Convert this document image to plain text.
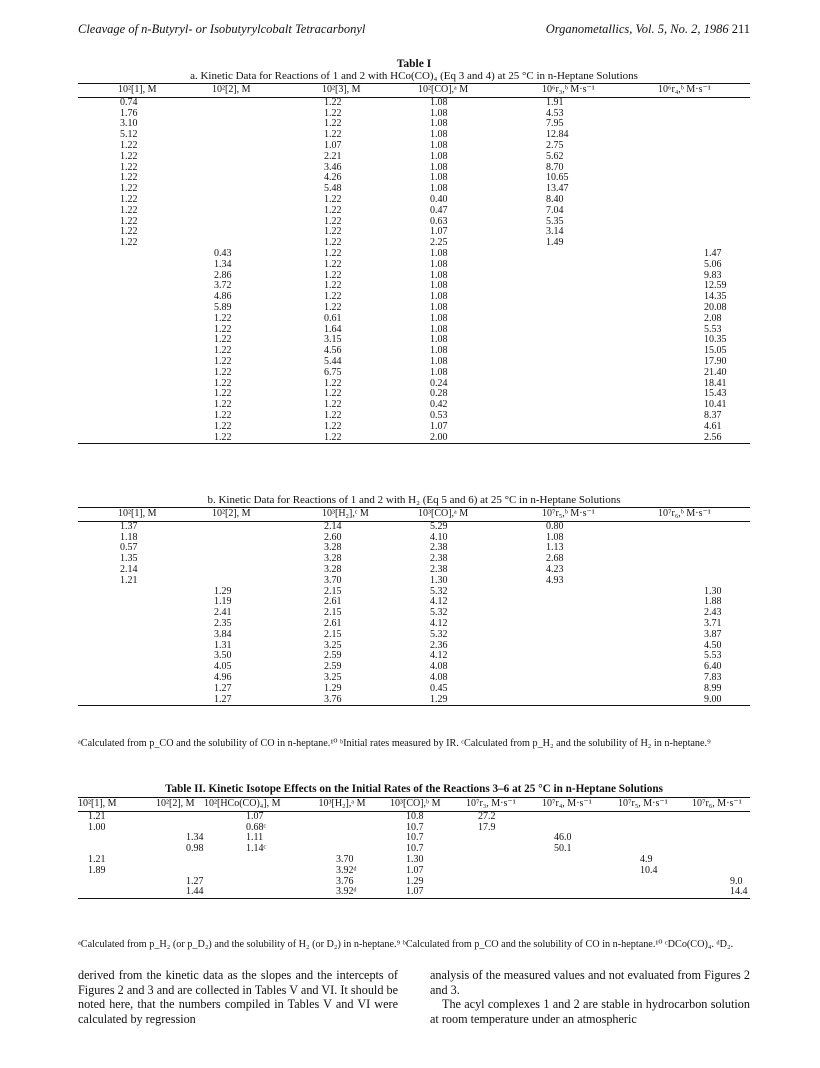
Cleavage of n-Butyryl- or Isobutyrylcobalt Tetracarbonyl	Organometallics, Vol. 5, No. 2, 1986 211
Table I
a. Kinetic Data for Reactions of 1 and 2 with HCo(CO)₄ (Eq 3 and 4) at 25 °C in n-Heptane Solutions
10²[1], M	10²[2], M	10²[3], M	10²[CO],ᵃ M	10⁶r₃,ᵇ M·s⁻¹	10⁶r₄,ᵇ M·s⁻¹
0.74		1.22	1.08	1.91	
1.76		1.22	1.08	4.53	
3.10		1.22	1.08	7.95	
5.12		1.22	1.08	12.84	
1.22		1.07	1.08	2.75	
1.22		2.21	1.08	5.62	
1.22		3.46	1.08	8.70	
1.22		4.26	1.08	10.65	
1.22		5.48	1.08	13.47	
1.22		1.22	0.40	8.40	
1.22		1.22	0.47	7.04	
1.22		1.22	0.63	5.35	
1.22		1.22	1.07	3.14	
1.22		1.22	2.25	1.49	
	0.43	1.22	1.08		1.47
	1.34	1.22	1.08		5.06
	2.86	1.22	1.08		9.83
	3.72	1.22	1.08		12.59
	4.86	1.22	1.08		14.35
	5.89	1.22	1.08		20.08
	1.22	0.61	1.08		2.08
	1.22	1.64	1.08		5.53
	1.22	3.15	1.08		10.35
	1.22	4.56	1.08		15.05
	1.22	5.44	1.08		17.90
	1.22	6.75	1.08		21.40
	1.22	1.22	0.24		18.41
	1.22	1.22	0.28		15.43
	1.22	1.22	0.42		10.41
	1.22	1.22	0.53		8.37
	1.22	1.22	1.07		4.61
	1.22	1.22	2.00		2.56
b. Kinetic Data for Reactions of 1 and 2 with H₂ (Eq 5 and 6) at 25 °C in n-Heptane Solutions
10²[1], M	10²[2], M	10³[H₂],ᶜ M	10³[CO],ᵃ M	10⁷r₅,ᵇ M·s⁻¹	10⁷r₆,ᵇ M·s⁻¹
1.37		2.14	5.29	0.80	
1.18		2.60	4.10	1.08	
0.57		3.28	2.38	1.13	
1.35		3.28	2.38	2.68	
2.14		3.28	2.38	4.23	
1.21		3.70	1.30	4.93	
	1.29	2.15	5.32		1.30
	1.19	2.61	4.12		1.88
	2.41	2.15	5.32		2.43
	2.35	2.61	4.12		3.71
	3.84	2.15	5.32		3.87
	1.31	3.25	2.36		4.50
	3.50	2.59	4.12		5.53
	4.05	2.59	4.08		6.40
	4.96	3.25	4.08		7.83
	1.27	1.29	0.45		8.99
	1.27	3.76	1.29		9.00
ᵃCalculated from p_CO and the solubility of CO in n-heptane.¹⁰ ᵇInitial rates measured by IR. ᶜCalculated from p_H₂ and the solubility of H₂ in n-heptane.⁹
Table II. Kinetic Isotope Effects on the Initial Rates of the Reactions 3–6 at 25 °C in n-Heptane Solutions
10²[1], M	10²[2], M	10²[HCo(CO)₄], M	10³[H₂],ᵃ M	10³[CO],ᵇ M	10⁷r₃, M·s⁻¹	10⁷r₄, M·s⁻¹	10⁷r₅, M·s⁻¹	10⁷r₆, M·s⁻¹
1.21		1.07		10.8	27.2			
1.00		0.68ᶜ		10.7	17.9			
	1.34	1.11		10.7		46.0		
	0.98	1.14ᶜ		10.7		50.1		
1.21			3.70	1.30			4.9	
1.89			3.92ᵈ	1.07			10.4	
	1.27		3.76	1.29				9.0
	1.44		3.92ᵈ	1.07				14.4
ᵃCalculated from p_H₂ (or p_D₂) and the solubility of H₂ (or D₂) in n-heptane.⁹ ᵇCalculated from p_CO and the solubility of CO in n-heptane.¹⁰ ᶜDCo(CO)₄. ᵈD₂.
derived from the kinetic data as the slopes and the intercepts of Figures 2 and 3 and are collected in Tables V and VI. It should be noted here, that the numbers compiled in Tables V and VI were calculated by regression
analysis of the measured values and not evaluated from Figures 2 and 3.
The acyl complexes 1 and 2 are stable in hydrocarbon solution at room temperature under an atmospheric
